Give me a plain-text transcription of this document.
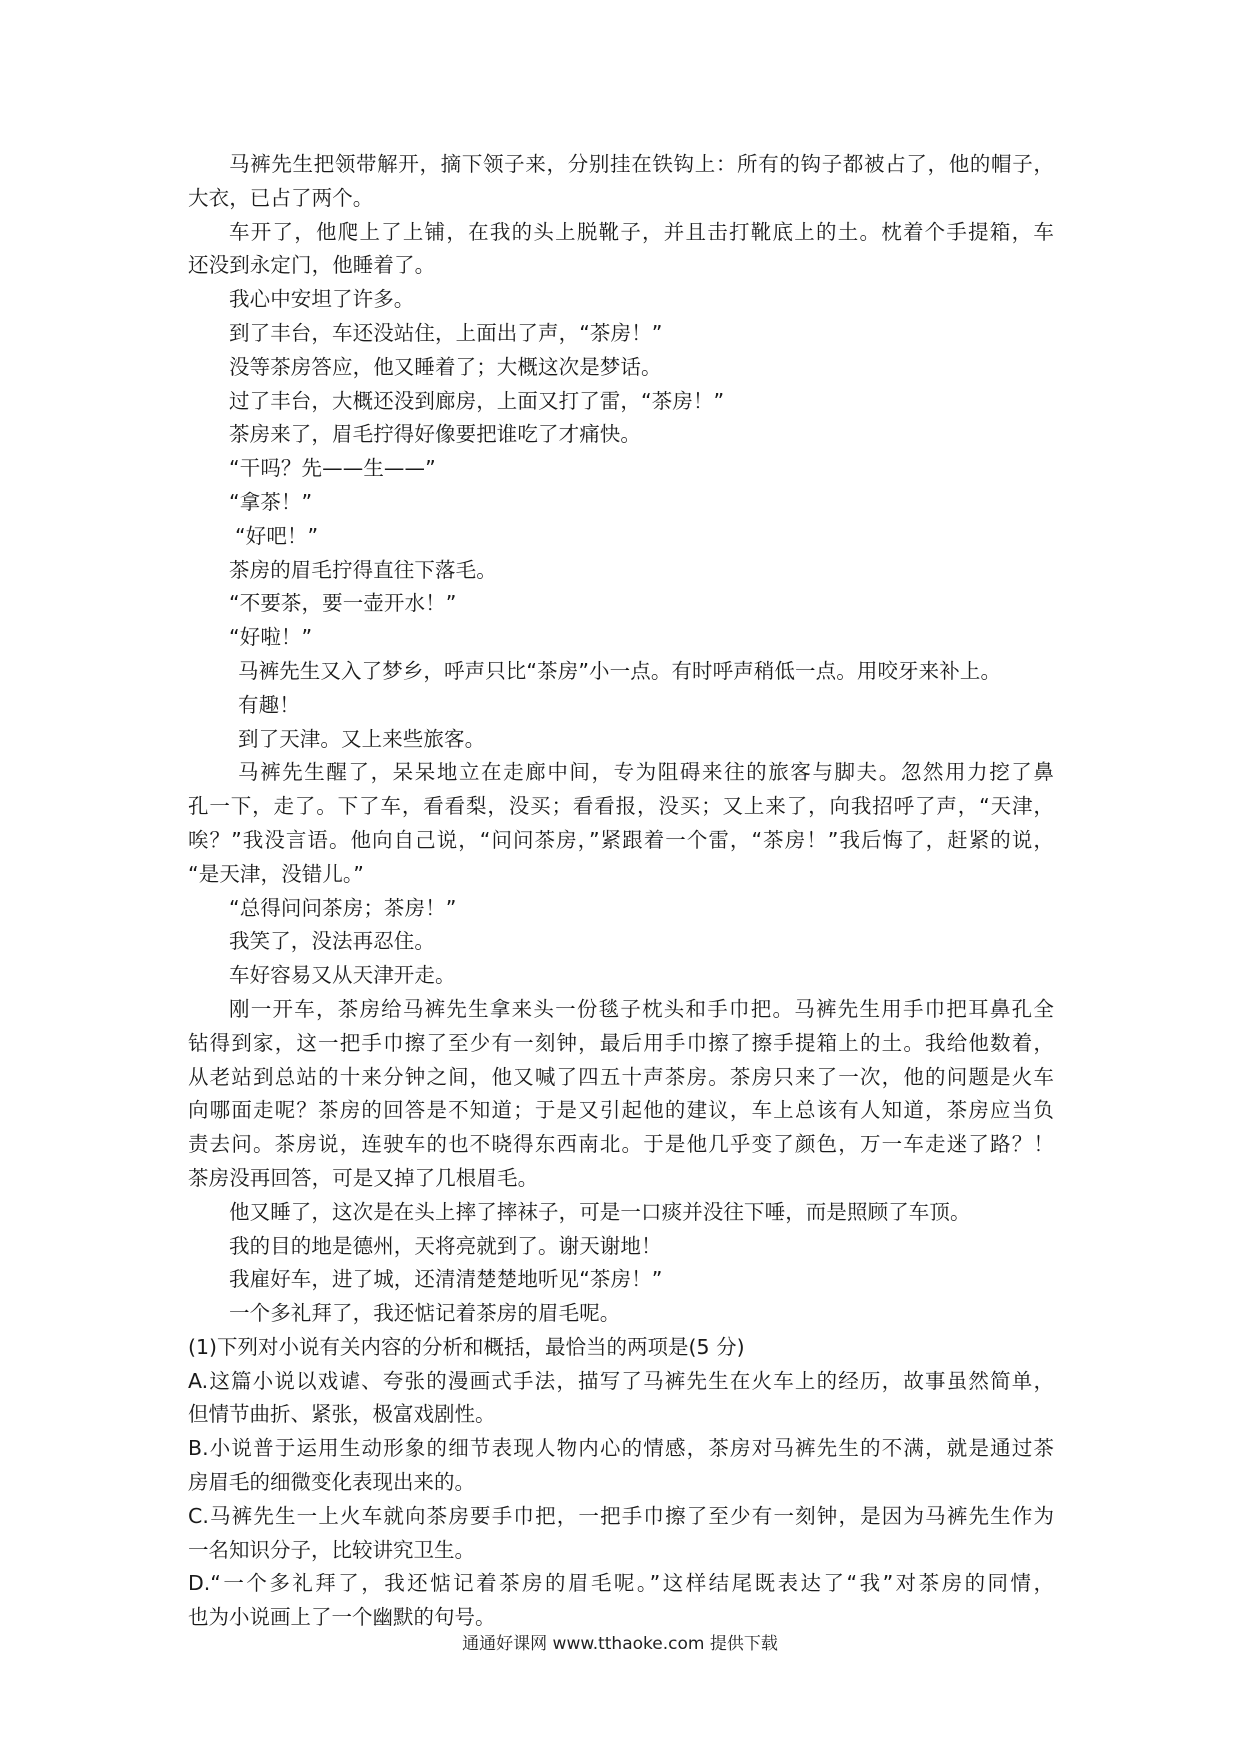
马裤先生把领带解开，摘下领子来，分别挂在铁钩上：所有的钩子都被占了，他的帽子，
大衣，已占了两个。
车开了，他爬上了上铺，在我的头上脱靴子，并且击打靴底上的土。枕着个手提箱，车
还没到永定门，他睡着了。
我心中安坦了许多。
到了丰台，车还没站住，上面出了声，“茶房！”
没等茶房答应，他又睡着了；大概这次是梦话。
过了丰台，大概还没到廊房，上面又打了雷，“茶房！”
茶房来了，眉毛拧得好像要把谁吃了才痛快。
“干吗？先——生——”
“拿茶！”
“好吧！”
茶房的眉毛拧得直往下落毛。
“不要茶，要一壶开水！”
“好啦！”
马裤先生又入了梦乡，呼声只比“茶房”小一点。有时呼声稍低一点。用咬牙来补上。
有趣！
到了天津。又上来些旅客。
马裤先生醒了，呆呆地立在走廊中间，专为阻碍来往的旅客与脚夫。忽然用力挖了鼻
孔一下，走了。下了车，看看梨，没买；看看报，没买；又上来了，向我招呼了声，“天津，
唉？”我没言语。他向自己说，“问问茶房，”紧跟着一个雷，“茶房！”我后悔了，赶紧的说，
“是天津，没错儿。”
“总得问问茶房；茶房！”
我笑了，没法再忍住。
车好容易又从天津开走。
刚一开车，茶房给马裤先生拿来头一份毯子枕头和手巾把。马裤先生用手巾把耳鼻孔全
钻得到家，这一把手巾擦了至少有一刻钟，最后用手巾擦了擦手提箱上的土。我给他数着，
从老站到总站的十来分钟之间，他又喊了四五十声茶房。茶房只来了一次，他的问题是火车
向哪面走呢？茶房的回答是不知道；于是又引起他的建议，车上总该有人知道，茶房应当负
责去问。茶房说，连驶车的也不晓得东西南北。于是他几乎变了颜色，万一车走迷了路？！
茶房没再回答，可是又掉了几根眉毛。
他又睡了，这次是在头上摔了摔袜子，可是一口痰并没往下唾，而是照顾了车顶。
我的目的地是德州，天将亮就到了。谢天谢地！
我雇好车，进了城，还清清楚楚地听见“茶房！”
一个多礼拜了，我还惦记着茶房的眉毛呢。
(1)下列对小说有关内容的分析和概括，最恰当的两项是(5 分)
A.这篇小说以戏谑、夸张的漫画式手法，描写了马裤先生在火车上的经历，故事虽然简单，
但情节曲折、紧张，极富戏剧性。
B.小说普于运用生动形象的细节表现人物内心的情感，茶房对马裤先生的不满，就是通过茶
房眉毛的细微变化表现出来的。
C.马裤先生一上火车就向茶房要手巾把，一把手巾擦了至少有一刻钟，是因为马裤先生作为
一名知识分子，比较讲究卫生。
D.“一个多礼拜了，我还惦记着茶房的眉毛呢。”这样结尾既表达了“我”对茶房的同情，
也为小说画上了一个幽默的句号。
通通好课网 www.tthaoke.com 提供下载
